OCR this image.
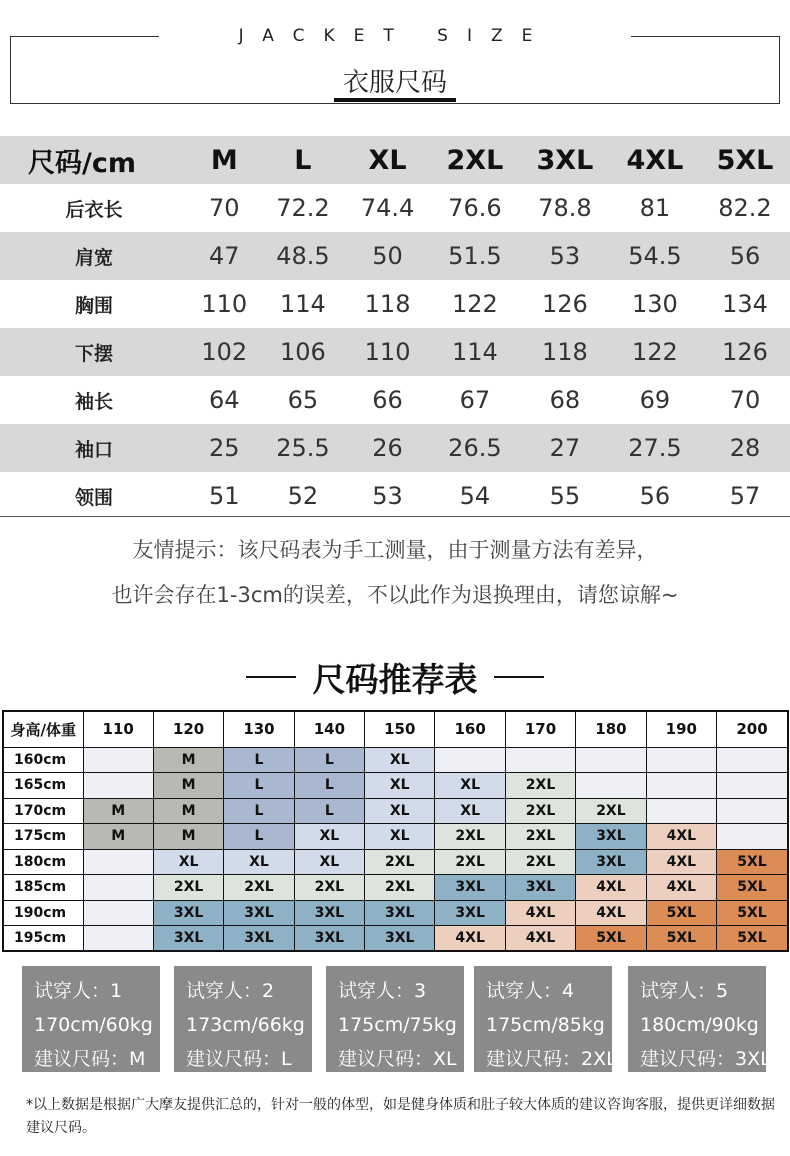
JACKET SIZE
衣服尺码
尺码/cm	M	L	XL	2XL	3XL	4XL	5XL
后衣长	70	72.2	74.4	76.6	78.8	81	82.2
肩宽	47	48.5	50	51.5	53	54.5	56
胸围	110	114	118	122	126	130	134
下摆	102	106	110	114	118	122	126
袖长	64	65	66	67	68	69	70
袖口	25	25.5	26	26.5	27	27.5	28
领围	51	52	53	54	55	56	57
友情提示：该尺码表为手工测量，由于测量方法有差异，
也许会存在1-3cm的误差，不以此作为退换理由，请您谅解~
尺码推荐表
身高/体重	110	120	130	140	150	160	170	180	190	200
160cm		M	L	L	XL					
165cm		M	L	L	XL	XL	2XL			
170cm	M	M	L	L	XL	XL	2XL	2XL		
175cm	M	M	L	XL	XL	2XL	2XL	3XL	4XL	
180cm		XL	XL	XL	2XL	2XL	2XL	3XL	4XL	5XL
185cm		2XL	2XL	2XL	2XL	3XL	3XL	4XL	4XL	5XL
190cm		3XL	3XL	3XL	3XL	3XL	4XL	4XL	5XL	5XL
195cm		3XL	3XL	3XL	3XL	4XL	4XL	5XL	5XL	5XL
试穿人：1
170cm/60kg
建议尺码：M
试穿人：2
173cm/66kg
建议尺码：L
试穿人：3
175cm/75kg
建议尺码：XL
试穿人：4
175cm/85kg
建议尺码：2XL
试穿人：5
180cm/90kg
建议尺码：3XL
*以上数据是根据广大摩友提供汇总的，针对一般的体型，如是健身体质和肚子较大体质的建议咨询客服，提供更详细数据建议尺码。
